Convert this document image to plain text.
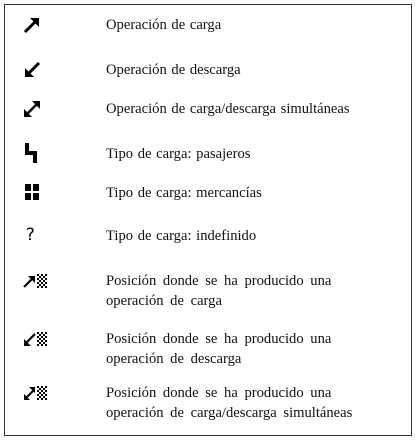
Operación de carga
Operación de descarga
Operación de carga/descarga simultáneas
Tipo de carga: pasajeros
Tipo de carga: mercancías
?	Tipo de carga: indefinido
Posición donde se ha producido una
operación de carga
Posición donde se ha producido una
operación de descarga
Posición donde se ha producido una
operación de carga/descarga simultáneas
